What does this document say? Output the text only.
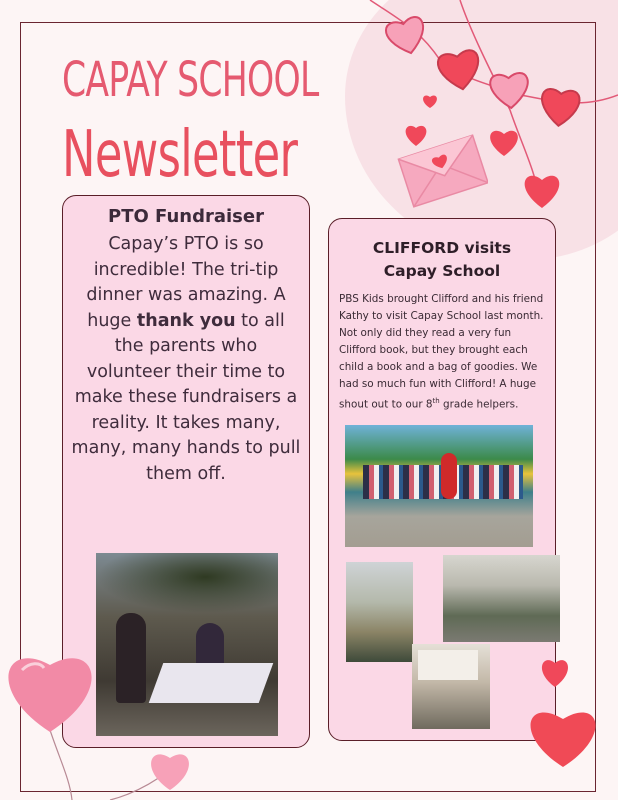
CAPAY SCHOOL
Newsletter
PTO Fundraiser

Capay’s PTO is so incredible! The tri-tip dinner was amazing. A huge thank you to all the parents who volunteer their time to make these fundraisers a reality. It takes many, many, many hands to pull them off.

CLIFFORD visits
Capay School

PBS Kids brought Clifford and his friend Kathy to visit Capay School last month. Not only did they read a very fun Clifford book, but they brought each child a book and a bag of goodies. We had so much fun with Clifford! A huge shout out to our 8th grade helpers.
